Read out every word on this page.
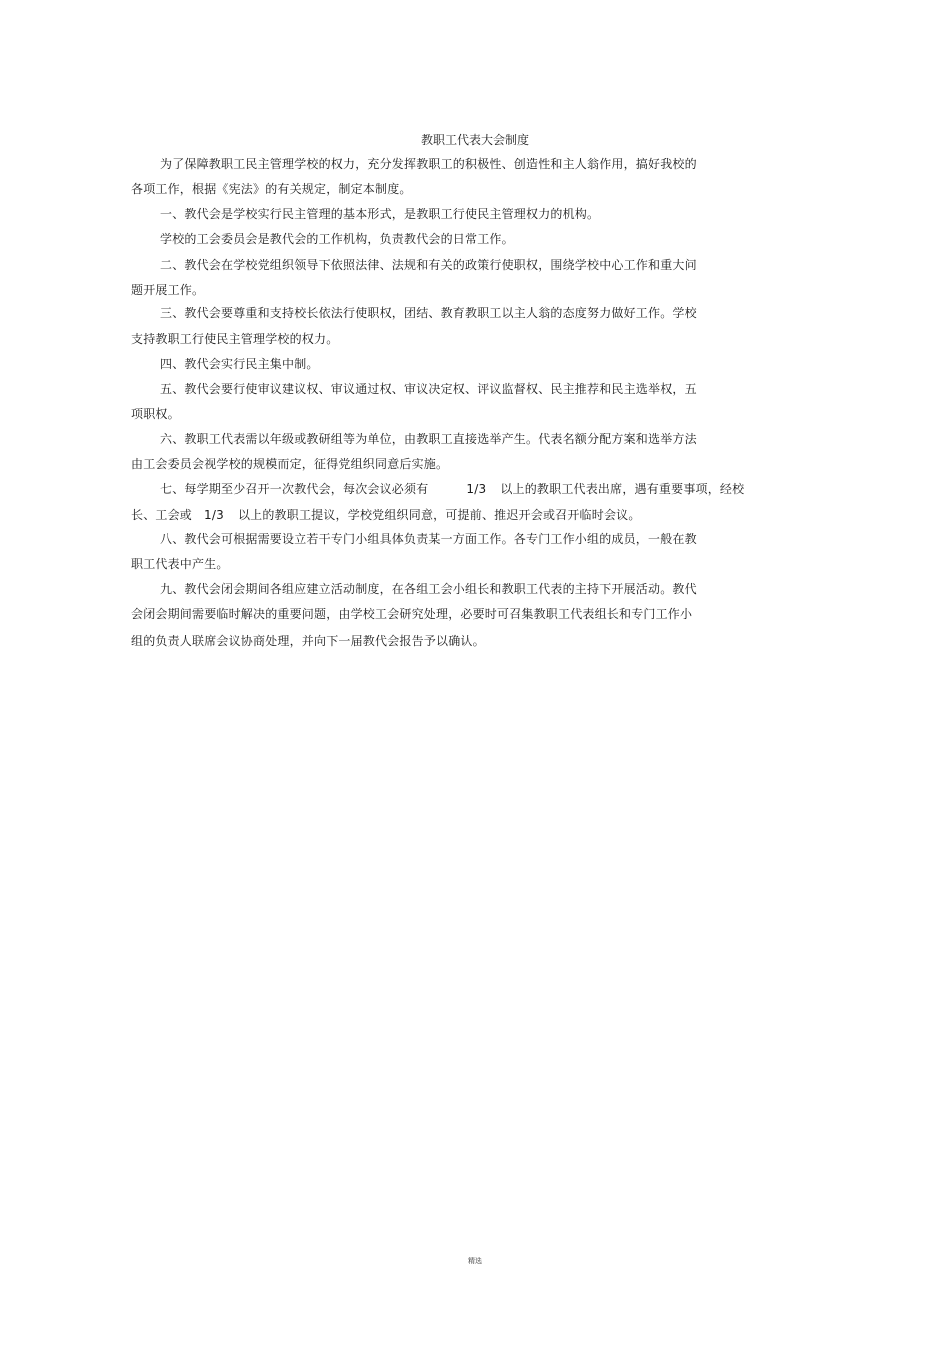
教职工代表大会制度
为了保障教职工民主管理学校的权力，充分发挥教职工的积极性、创造性和主人翁作用，搞好我校的
各项工作，根据《宪法》的有关规定，制定本制度。
一、教代会是学校实行民主管理的基本形式，是教职工行使民主管理权力的机构。
学校的工会委员会是教代会的工作机构，负责教代会的日常工作。
二、教代会在学校党组织领导下依照法律、法规和有关的政策行使职权，围绕学校中心工作和重大问
题开展工作。
三、教代会要尊重和支持校长依法行使职权，团结、教育教职工以主人翁的态度努力做好工作。学校
支持教职工行使民主管理学校的权力。
四、教代会实行民主集中制。
五、教代会要行使审议建议权、审议通过权、审议决定权、评议监督权、民主推荐和民主选举权，五
项职权。
六、教职工代表需以年级或教研组等为单位，由教职工直接选举产生。代表名额分配方案和选举方法
由工会委员会视学校的规模而定，征得党组织同意后实施。
七、每学期至少召开一次教代会，每次会议必须有	1/3 以上的教职工代表出席，遇有重要事项，经校
长、工会或 1/3 以上的教职工提议，学校党组织同意，可提前、推迟开会或召开临时会议。
八、教代会可根据需要设立若干专门小组具体负责某一方面工作。各专门工作小组的成员，一般在教
职工代表中产生。
九、教代会闭会期间各组应建立活动制度，在各组工会小组长和教职工代表的主持下开展活动。教代
会闭会期间需要临时解决的重要问题，由学校工会研究处理，必要时可召集教职工代表组长和专门工作小
组的负责人联席会议协商处理，并向下一届教代会报告予以确认。
精选
